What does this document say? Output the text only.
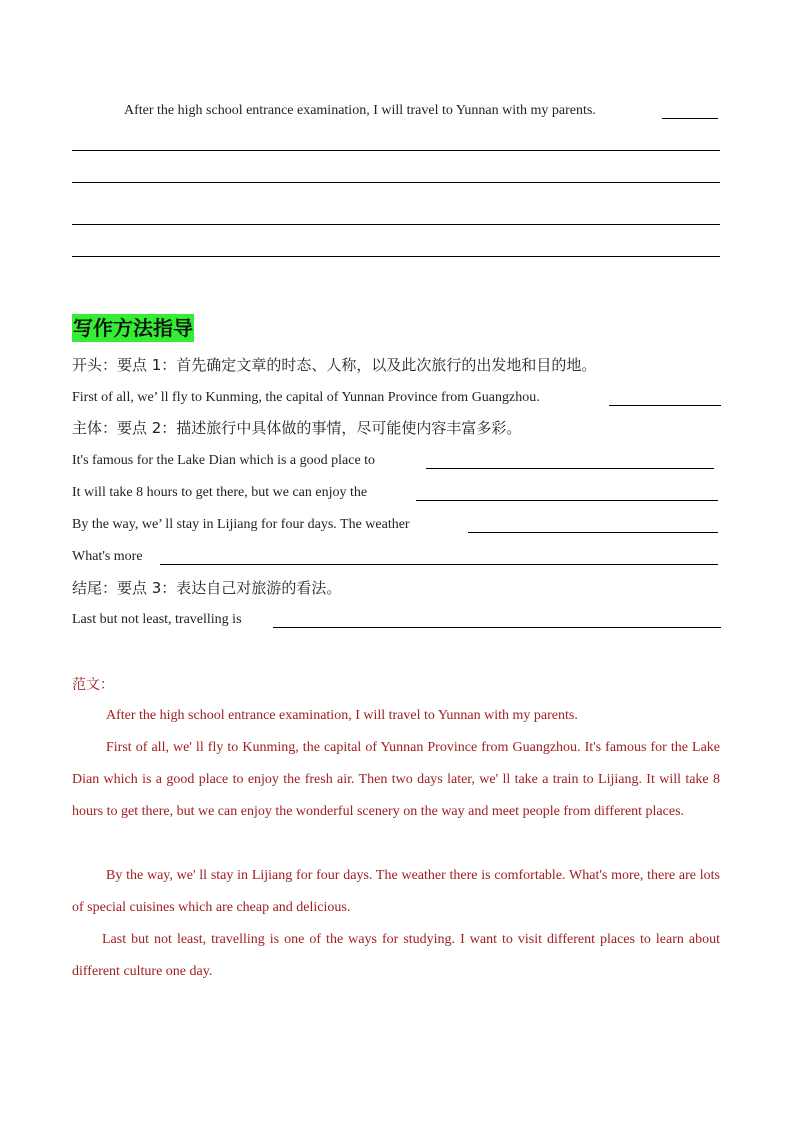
After the high school entrance examination, I will travel to Yunnan with my parents.
写作方法指导
开头：要点 1：首先确定文章的时态、人称，以及此次旅行的出发地和目的地。
First of all, we’ ll fly to Kunming, the capital of Yunnan Province from Guangzhou.
主体：要点 2：描述旅行中具体做的事情，尽可能使内容丰富多彩。
It's famous for the Lake Dian which is a good place to
It will take 8 hours to get there, but we can enjoy the
By the way, we’ ll stay in Lijiang for four days. The weather
What's more
结尾：要点 3：表达自己对旅游的看法。
Last but not least, travelling is
范文：
After the high school entrance examination, I will travel to Yunnan with my parents.
First of all, we' ll fly to Kunming, the capital of Yunnan Province from Guangzhou. It's famous for the Lake Dian which is a good place to enjoy the fresh air. Then two days later, we' ll take a train to Lijiang. It will take 8 hours to get there, but we can enjoy the wonderful scenery on the way and meet people from different places.
By the way, we' ll stay in Lijiang for four days. The weather there is comfortable. What's more, there are lots of special cuisines which are cheap and delicious.
Last but not least, travelling is one of the ways for studying. I want to visit different places to learn about different culture one day.
